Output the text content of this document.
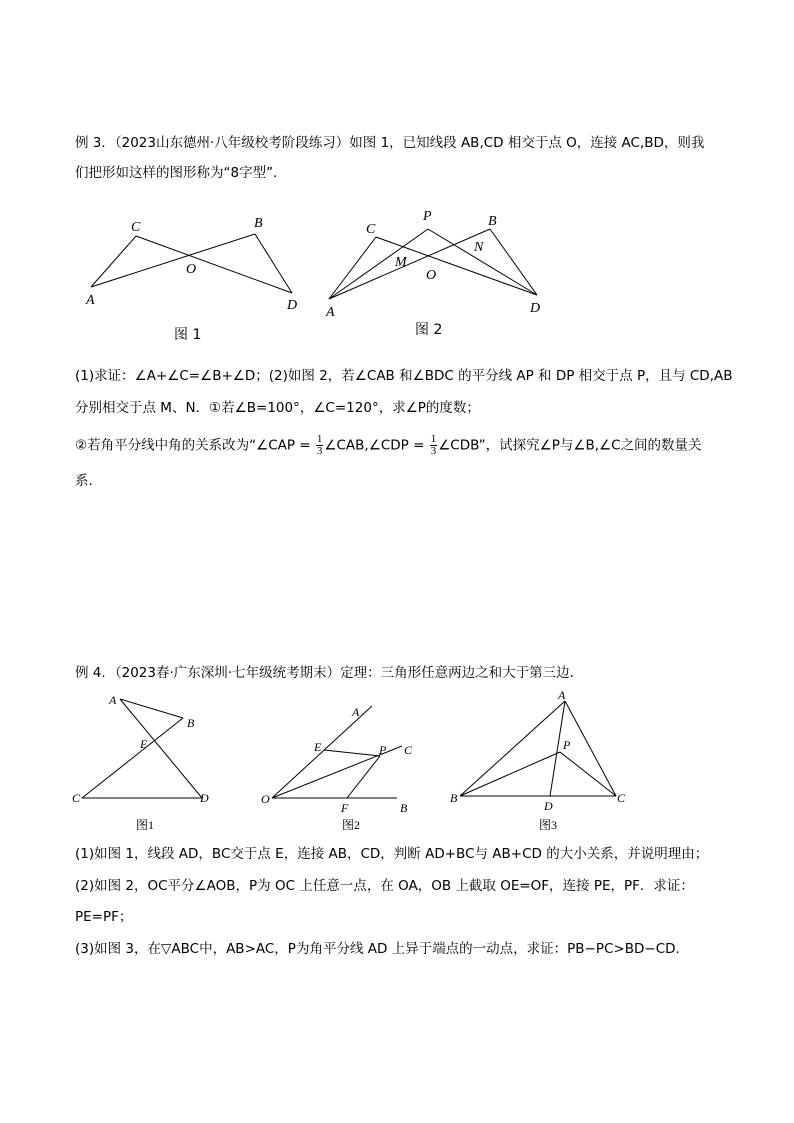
例 3．（2023山东德州·八年级校考阶段练习）如图 1，已知线段 AB,CD 相交于点 O，连接 AC,BD，则我
们把形如这样的图形称为“8字型”．
C	B
O
A	D
图 1
P
C
B
N
M
O
A	D
图 2
A
B
E
C	D
图1
A
E	P C
O
F	B
图2
A
P
B
D
C
图3
(1)求证：∠A+∠C=∠B+∠D；(2)如图 2，若∠CAB 和∠BDC 的平分线 AP 和 DP 相交于点 P，且与 CD,AB
分别相交于点 M、N．①若∠B=100°，∠C=120°，求∠P的度数；
②若角平分线中角的关系改为“∠CAP = $\frac{1}{3}$ ∠CAB,∠CDP = $\frac{1}{3}$ ∠CDB”，试探究∠P与∠B,∠C之间的数量关
系．
例 4．（2023春·广东深圳·七年级统考期末）定理：三角形任意两边之和大于第三边．
(1)如图 1，线段 AD，BC交于点 E，连接 AB，CD，判断 AD+BC与 AB+CD 的大小关系，并说明理由；
(2)如图 2，OC平分∠AOB，P为 OC 上任意一点，在 OA，OB 上截取 OE=OF，连接 PE，PF．求证：
PE=PF；
(3)如图 3，在▽ABC中，AB>AC，P为角平分线 AD 上异于端点的一动点，求证：PB−PC>BD−CD．
